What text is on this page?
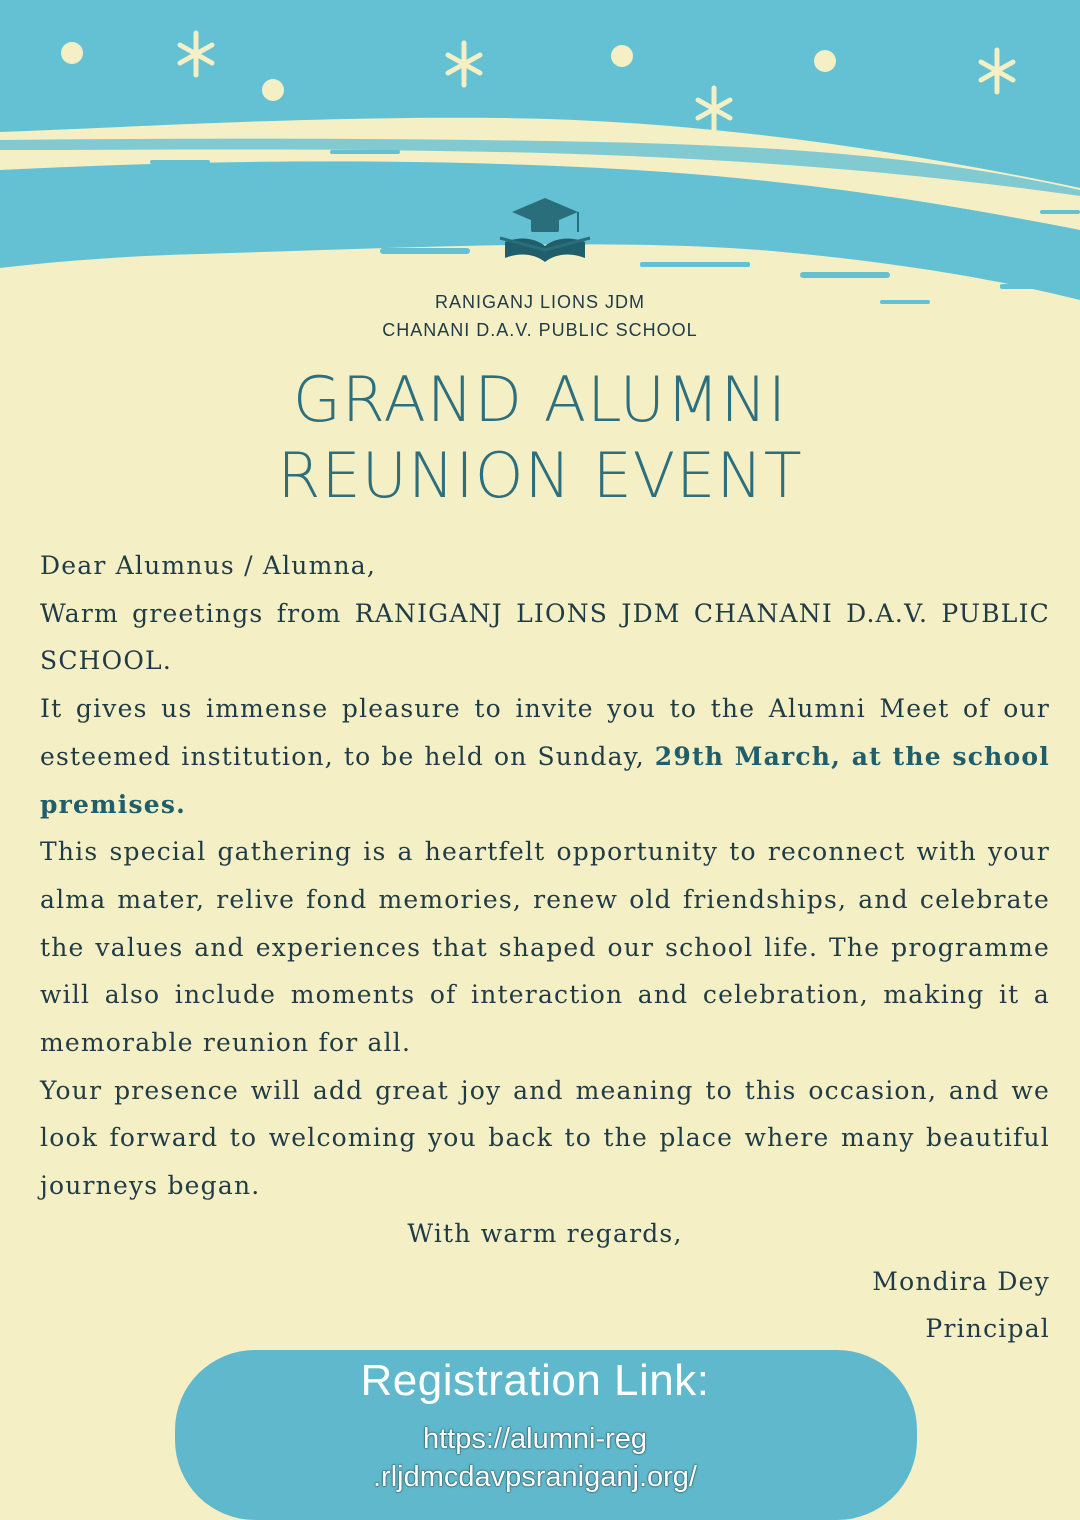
RANIGANJ LIONS JDM
CHANANI D.A.V. PUBLIC SCHOOL
GRAND ALUMNI
REUNION EVENT

Dear Alumnus / Alumna,

Warm greetings from RANIGANJ LIONS JDM CHANANI D.A.V. PUBLIC SCHOOL.

It gives us immense pleasure to invite you to the Alumni Meet of our esteemed institution, to be held on Sunday, 29th March, at the school premises.

This special gathering is a heartfelt opportunity to reconnect with your alma mater, relive fond memories, renew old friendships, and celebrate the values and experiences that shaped our school life. The programme will also include moments of interaction and celebration, making it a memorable reunion for all.

Your presence will add great joy and meaning to this occasion, and we look forward to welcoming you back to the place where many beautiful journeys began.

With warm regards,

Mondira Dey

Principal

Registration Link:
https://alumni-reg
.rljdmcdavpsraniganj.org/
